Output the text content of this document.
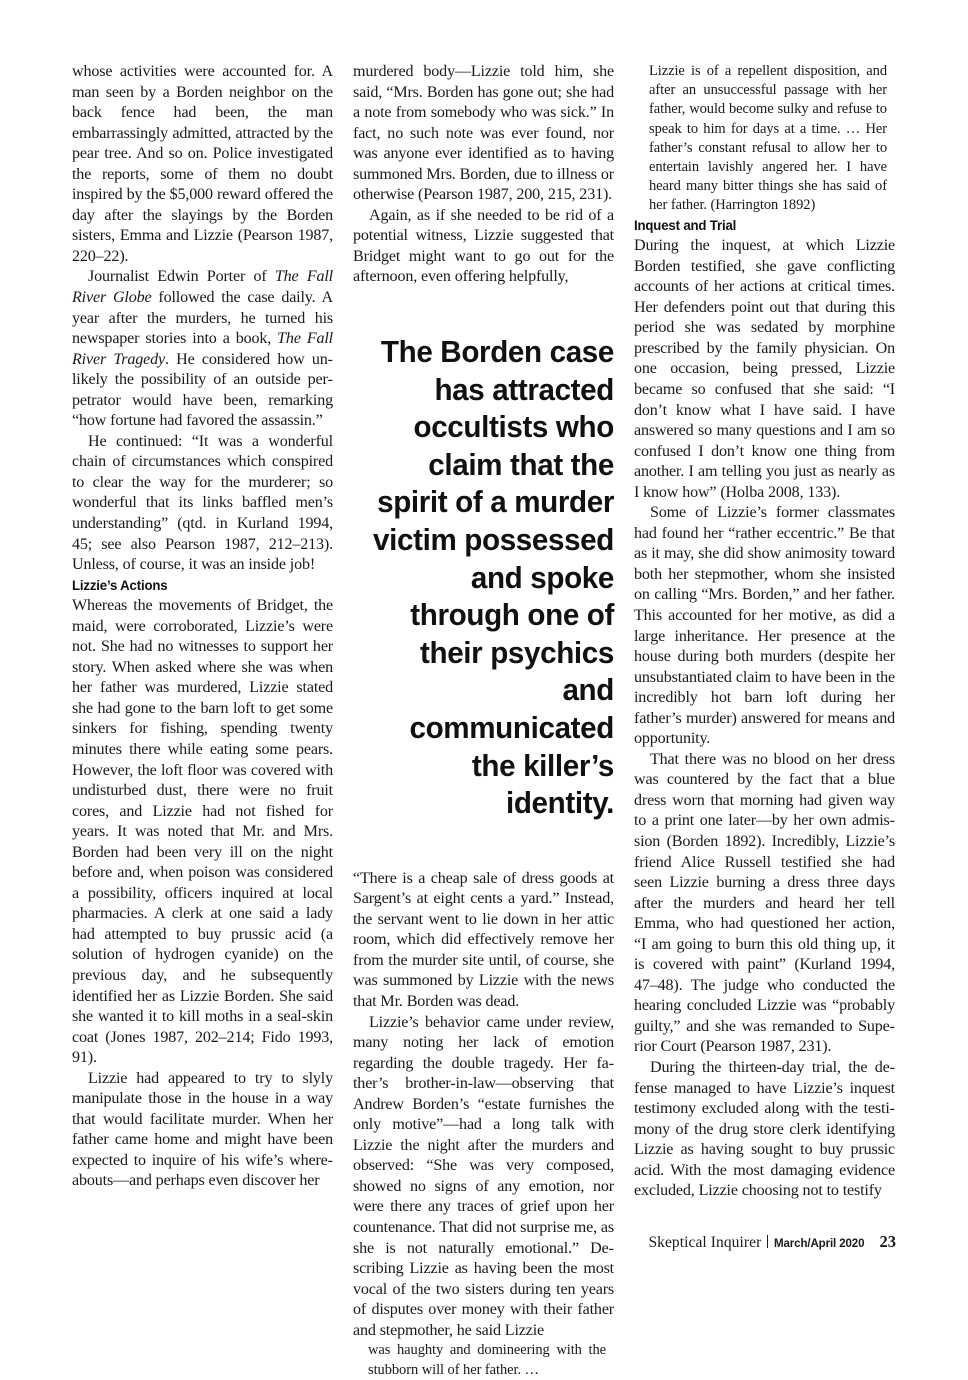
whose activities were accounted for. A man seen by a Borden neighbor on the back fence had been, the man embarrassingly admitted, attracted by the pear tree. And so on. Police investigated the reports, some of them no doubt inspired by the $5,000 reward offered the day after the slayings by the Borden sisters, Emma and Lizzie (Pearson 1987, 220–22).

Journalist Edwin Porter of The Fall River Globe followed the case daily. A year after the murders, he turned his newspaper stories into a book, The Fall River Tragedy. He considered how unlikely the possibility of an outside perpetrator would have been, remarking “how fortune had favored the assassin.”

He continued: “It was a wonderful chain of circumstances which conspired to clear the way for the murderer; so wonderful that its links baffled men’s understanding” (qtd. in Kurland 1994, 45; see also Pearson 1987, 212–213). Unless, of course, it was an inside job!

Lizzie’s Actions

Whereas the movements of Bridget, the maid, were corroborated, Lizzie’s were not. She had no witnesses to support her story. When asked where she was when her father was murdered, Lizzie stated she had gone to the barn loft to get some sinkers for fishing, spending twenty minutes there while eating some pears. However, the loft floor was covered with undisturbed dust, there were no fruit cores, and Lizzie had not fished for years. It was noted that Mr. and Mrs. Borden had been very ill on the night before and, when poison was considered a possibility, officers inquired at local pharmacies. A clerk at one said a lady had attempted to buy prussic acid (a solution of hydrogen cyanide) on the previous day, and he subsequently identified her as Lizzie Borden. She said she wanted it to kill moths in a seal-skin coat (Jones 1987, 202–214; Fido 1993, 91).

Lizzie had appeared to try to slyly manipulate those in the house in a way that would facilitate murder. When her father came home and might have been expected to inquire of his wife’s whereabouts—and perhaps even discover her

murdered body—Lizzie told him, she said, “Mrs. Borden has gone out; she had a note from somebody who was sick.” In fact, no such note was ever found, nor was anyone ever identified as to having summoned Mrs. Borden, due to illness or otherwise (Pearson 1987, 200, 215, 231).

Again, as if she needed to be rid of a potential witness, Lizzie suggested that Bridget might want to go out for the afternoon, even offering helpfully,

The Borden case has attracted occultists who claim that the spirit of a murder victim possessed and spoke through one of their psychics and communicated the killer’s identity.

“There is a cheap sale of dress goods at Sargent’s at eight cents a yard.” Instead, the servant went to lie down in her attic room, which did effectively remove her from the murder site until, of course, she was summoned by Lizzie with the news that Mr. Borden was dead.

Lizzie’s behavior came under review, many noting her lack of emotion regarding the double tragedy. Her father’s brother-in-law—observing that Andrew Borden’s “estate furnishes the only motive”—had a long talk with Lizzie the night after the murders and observed: “She was very composed, showed no signs of any emotion, nor were there any traces of grief upon her countenance. That did not surprise me, as she is not naturally emotional.” Describing Lizzie as having been the most vocal of the two sisters during ten years of disputes over money with their father and stepmother, he said Lizzie

was haughty and domineering with the stubborn will of her father. …

Lizzie is of a repellent disposition, and after an unsuccessful passage with her father, would become sulky and refuse to speak to him for days at a time. … Her father’s constant refusal to allow her to entertain lavishly angered her. I have heard many bitter things she has said of her father. (Harrington 1892)

Inquest and Trial

During the inquest, at which Lizzie Borden testified, she gave conflicting accounts of her actions at critical times. Her defenders point out that during this period she was sedated by morphine prescribed by the family physician. On one occasion, being pressed, Lizzie became so confused that she said: “I don’t know what I have said. I have answered so many questions and I am so confused I don’t know one thing from another. I am telling you just as nearly as I know how” (Holba 2008, 133).

Some of Lizzie’s former classmates had found her “rather eccentric.” Be that as it may, she did show animosity toward both her stepmother, whom she insisted on calling “Mrs. Borden,” and her father. This accounted for her motive, as did a large inheritance. Her presence at the house during both murders (despite her unsubstantiated claim to have been in the incredibly hot barn loft during her father’s murder) answered for means and opportunity.

That there was no blood on her dress was countered by the fact that a blue dress worn that morning had given way to a print one later—by her own admission (Borden 1892). Incredibly, Lizzie’s friend Alice Russell testified she had seen Lizzie burning a dress three days after the murders and heard her tell Emma, who had questioned her action, “I am going to burn this old thing up, it is covered with paint” (Kurland 1994, 47–48). The judge who conducted the hearing concluded Lizzie was “probably guilty,” and she was remanded to Superior Court (Pearson 1987, 231).

During the thirteen-day trial, the defense managed to have Lizzie’s inquest testimony excluded along with the testimony of the drug store clerk identifying Lizzie as having sought to buy prussic acid. With the most damaging evidence excluded, Lizzie choosing not to testify

Skeptical Inquirer March/April 2020 23
